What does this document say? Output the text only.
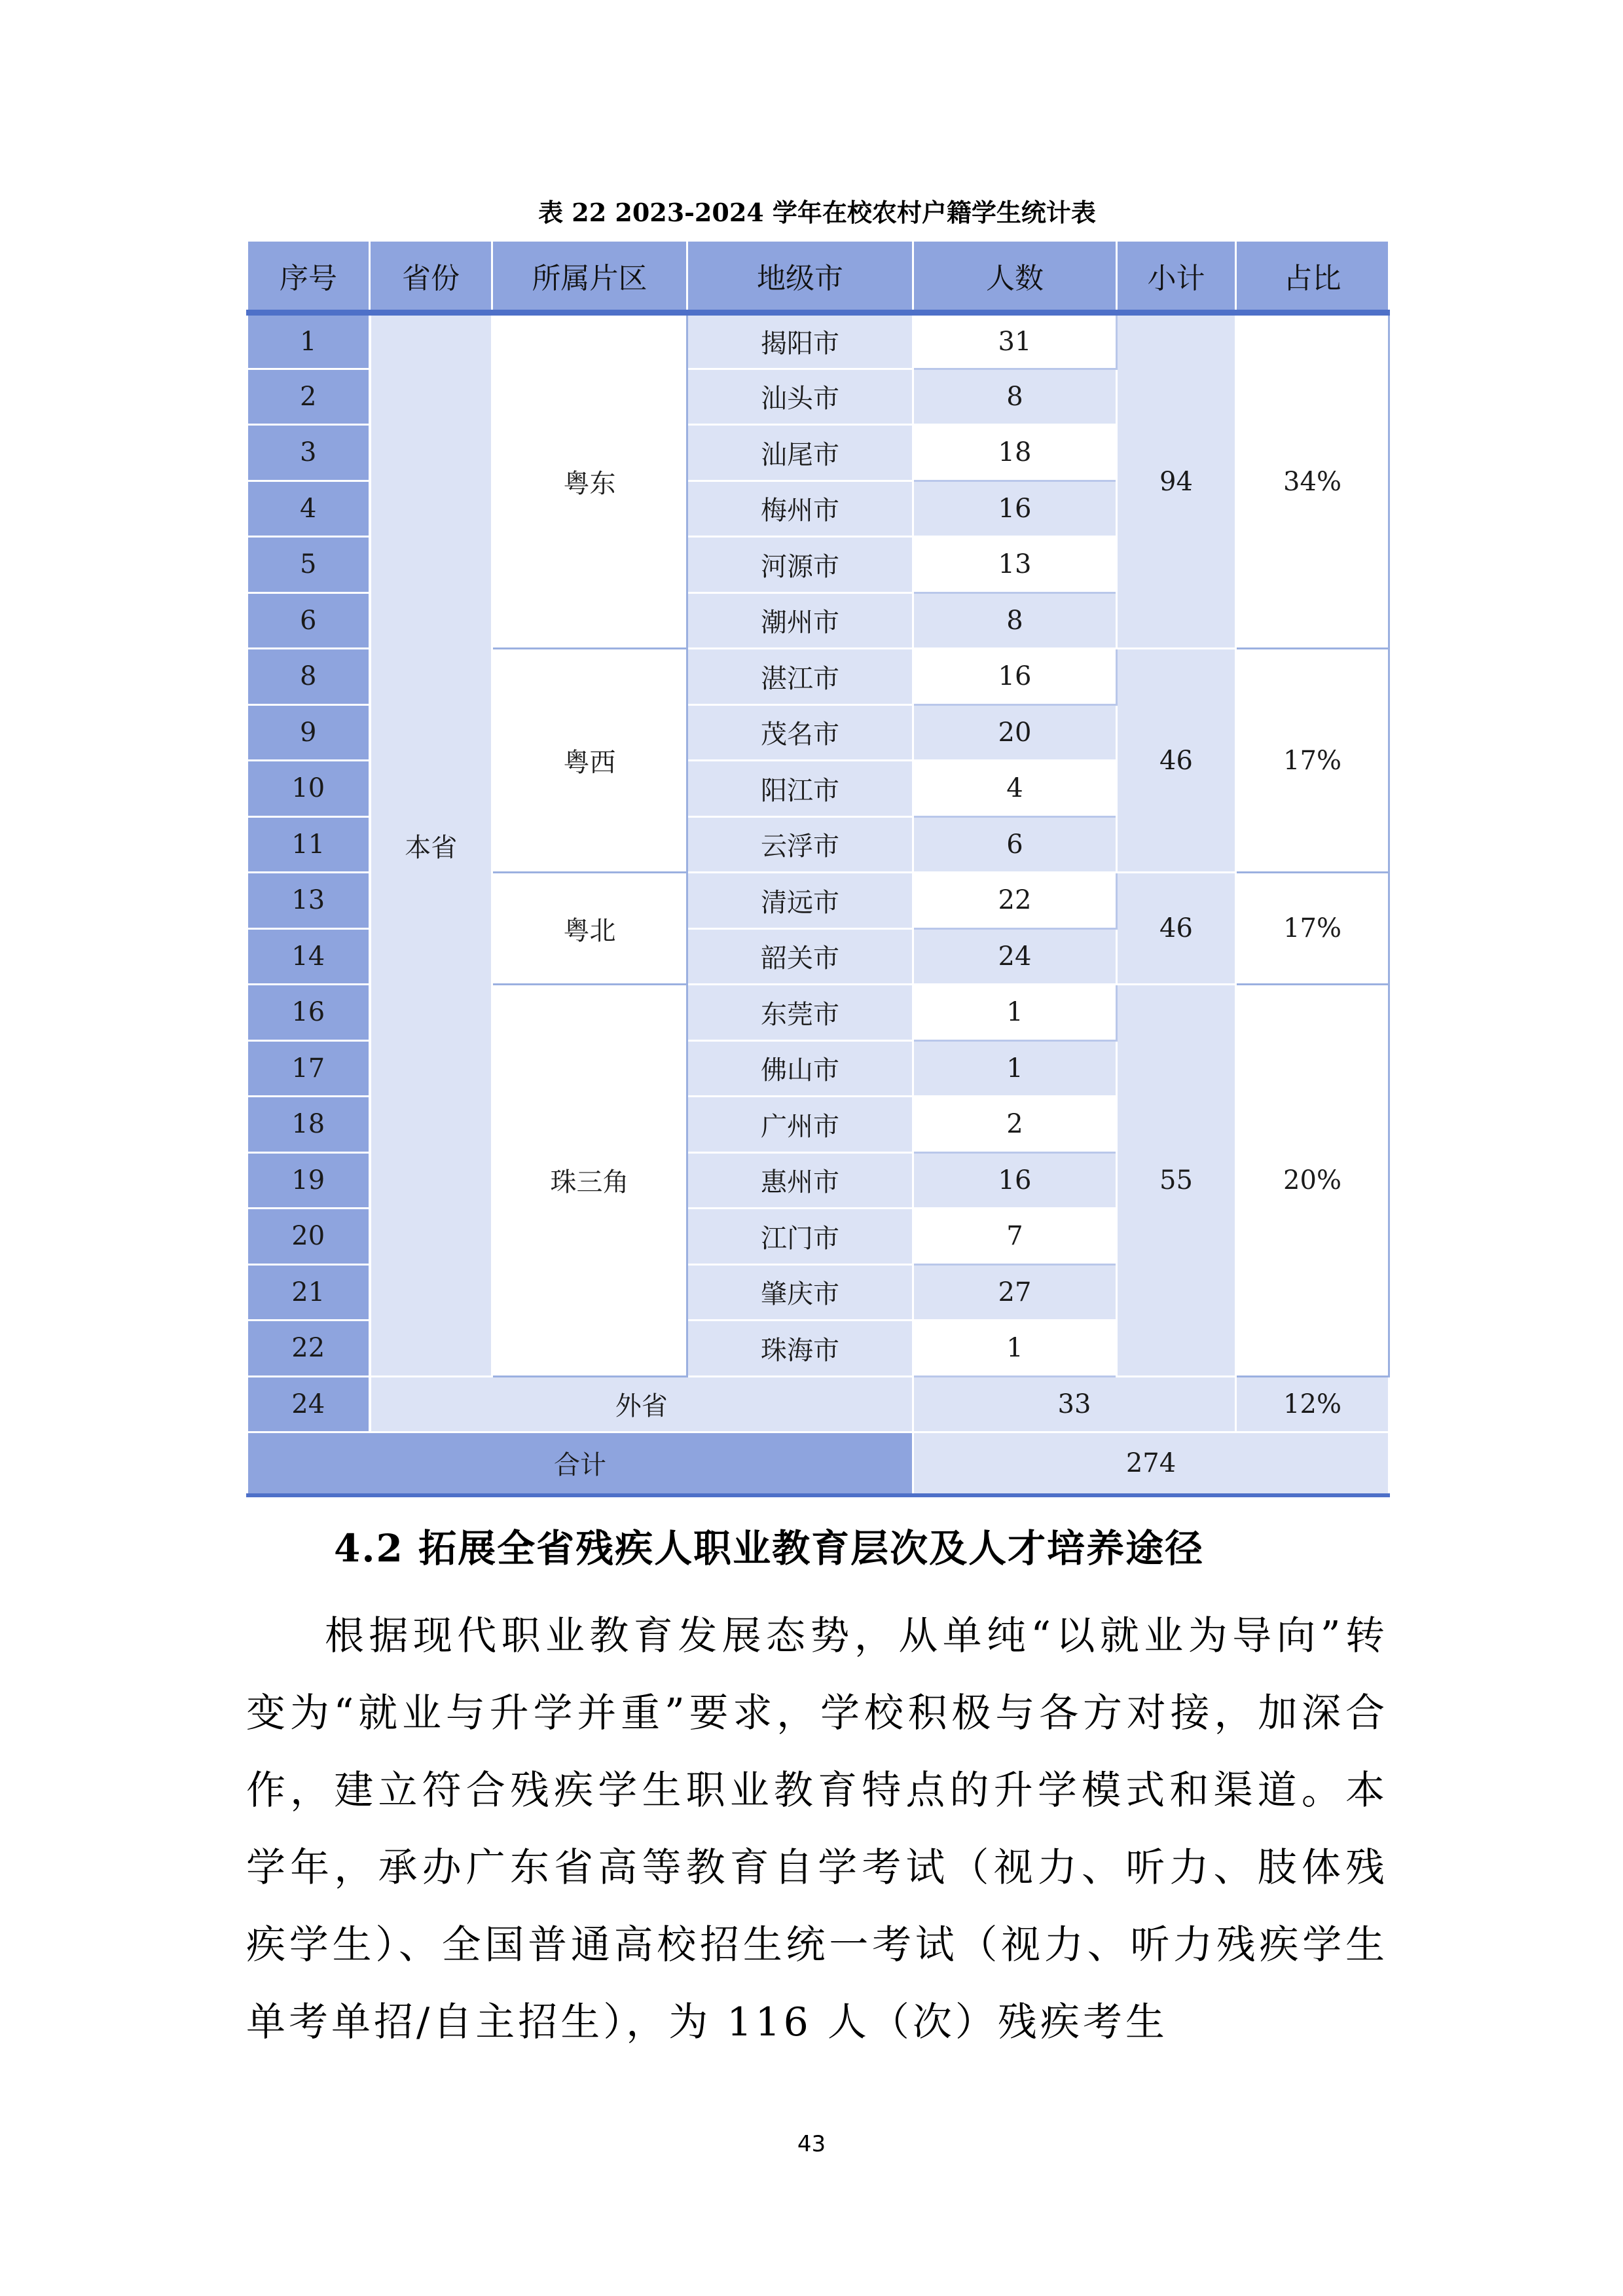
表 22 2023-2024 学年在校农村户籍学生统计表
序号	省份	所属片区	地级市	人数	小计	占比
1	本省	粤东	揭阳市	31	94	34%
2			汕头市	8		
3			汕尾市	18		
4			梅州市	16		
5			河源市	13		
6			潮州市	8		
8		粤西	湛江市	16	46	17%
9			茂名市	20		
10			阳江市	4		
11			云浮市	6		
13		粤北	清远市	22	46	17%
14			韶关市	24		
16		珠三角	东莞市	1	55	20%
17			佛山市	1		
18			广州市	2		
19			惠州市	16		
20			江门市	7		
21			肇庆市	27		
22			珠海市	1		
24	外省			33		12%
合计				274		
4.2 拓展全省残疾人职业教育层次及人才培养途径
根据现代职业教育发展态势，从单纯“以就业为导向”转变为“就业与升学并重”要求，学校积极与各方对接，加深合作，建立符合残疾学生职业教育特点的升学模式和渠道。本学年，承办广东省高等教育自学考试（视力、听力、肢体残疾学生）、全国普通高校招生统一考试（视力、听力残疾学生单考单招/自主招生），为 116 人（次）残疾考生
43
